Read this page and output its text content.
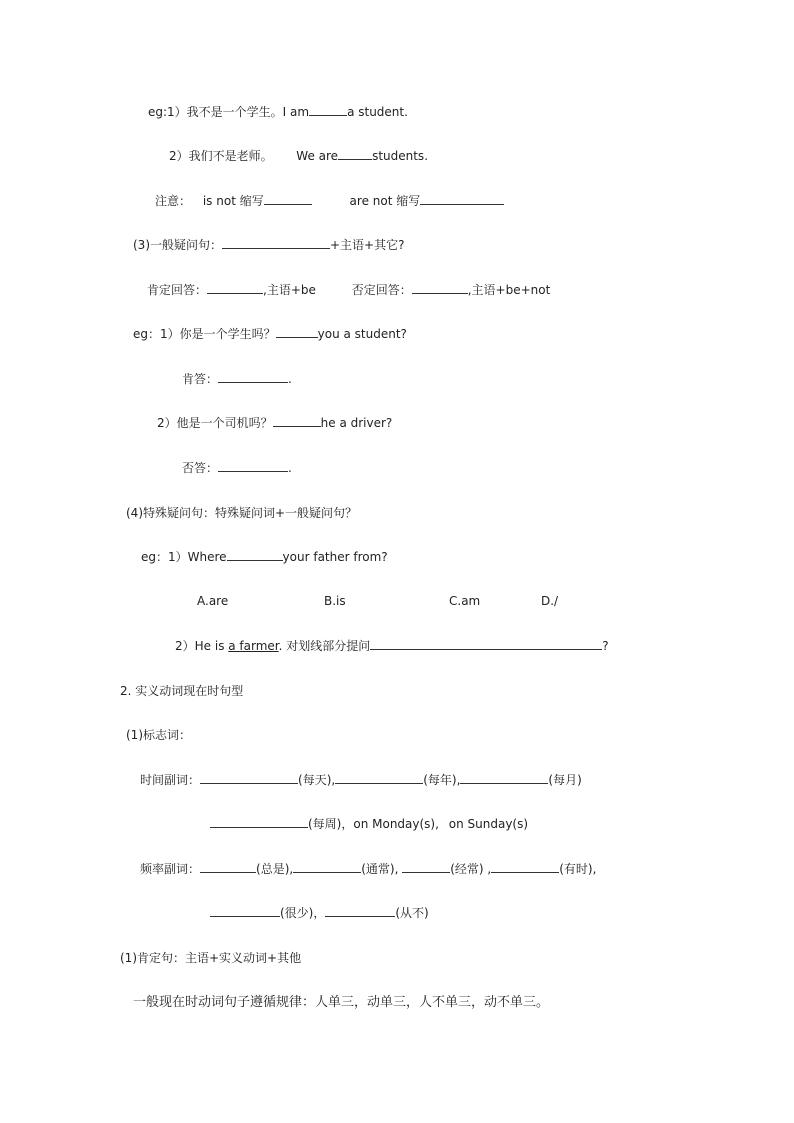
eg:1）我不是一个学生。I am	a student.
2）我们不是老师。 We are	students.
注意： is not 缩写	are not 缩写
(3)一般疑问句：	+主语+其它?
肯定回答：	,主语+be	否定回答：	,主语+be+not
eg：1）你是一个学生吗？	you a student?
肯答：	.
2）他是一个司机吗？	he a driver?
否答：	.
(4)特殊疑问句：特殊疑问词+一般疑问句？
eg：1）Where	your father from?
A.are	B.is	C.am	D./
2）He is a farmer. 对划线部分提问	?
2. 实义动词现在时句型
(1)标志词：
时间副词：	(每天),	(每年),	(每月)
(每周)，on Monday(s), on Sunday(s)
频率副词：	(总是),	(通常),	(经常) ,	(有时),
(很少)，	(从不)
(1)肯定句：主语+实义动词+其他
一般现在时动词句子遵循规律：人单三，动单三，人不单三，动不单三。
